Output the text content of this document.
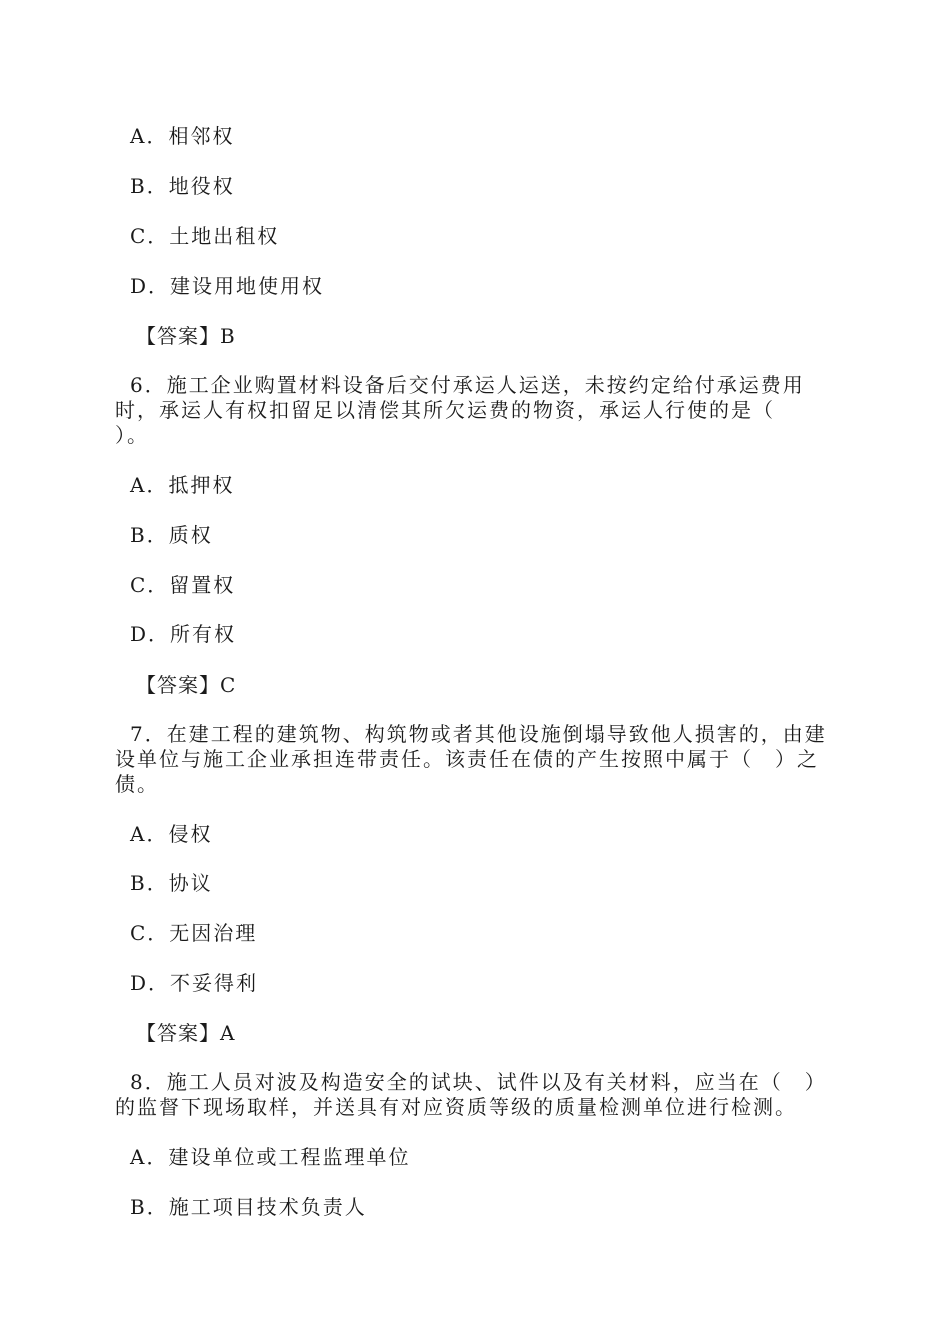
A．相邻权
B．地役权
C．土地出租权
D．建设用地使用权
【答案】B
6．施工企业购置材料设备后交付承运人运送，未按约定给付承运费用
时，承运人有权扣留足以清偿其所欠运费的物资，承运人行使的是（
）。
A．抵押权
B．质权
C．留置权
D．所有权
【答案】C
7．在建工程的建筑物、构筑物或者其他设施倒塌导致他人损害的，由建
设单位与施工企业承担连带责任。该责任在债的产生按照中属于（　）之
债。
A．侵权
B．协议
C．无因治理
D．不妥得利
【答案】A
8．施工人员对波及构造安全的试块、试件以及有关材料，应当在（　）
的监督下现场取样，并送具有对应资质等级的质量检测单位进行检测。
A．建设单位或工程监理单位
B．施工项目技术负责人
